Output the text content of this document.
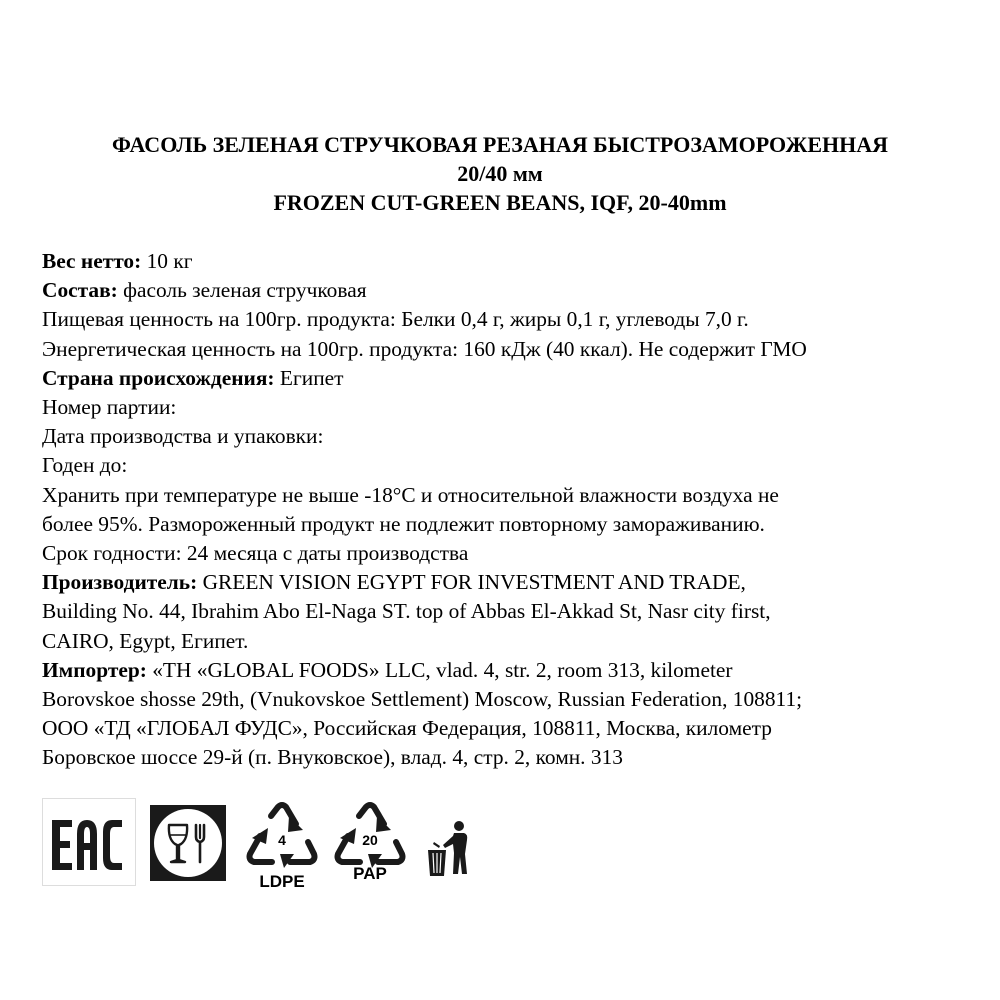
ФАСОЛЬ ЗЕЛЕНАЯ СТРУЧКОВАЯ РЕЗАНАЯ БЫСТРОЗАМОРОЖЕННАЯ
20/40 мм
FROZEN CUT-GREEN BEANS, IQF, 20-40mm
Вес нетто: 10 кг
Состав: фасоль зеленая стручковая
Пищевая ценность на 100гр. продукта: Белки 0,4 г, жиры 0,1 г, углеводы 7,0 г.
Энергетическая ценность на 100гр. продукта: 160 кДж (40 ккал). Не содержит ГМО
Страна происхождения: Египет
Номер партии:
Дата производства и упаковки:
Годен до:
Хранить при температуре не выше -18°С и относительной влажности воздуха не
более 95%. Размороженный продукт не подлежит повторному замораживанию.
Срок годности: 24 месяца с даты производства
Производитель: GREEN VISION EGYPT FOR INVESTMENT AND TRADE,
Building No. 44, Ibrahim Abo El-Naga ST. top of Abbas El-Akkad St, Nasr city first,
CAIRO, Egypt, Египет.
Импортер: «TH «GLOBAL FOODS» LLC, vlad. 4, str. 2, room 313, kilometer
Borovskoe shosse 29th, (Vnukovskoe Settlement) Moscow, Russian Federation, 108811;
ООО «ТД «ГЛОБАЛ ФУДС», Российская Федерация, 108811, Москва, километр
Боровское шоссе 29-й (п. Внуковское), влад. 4, стр. 2, комн. 313
4
LDPE
20
PAP
